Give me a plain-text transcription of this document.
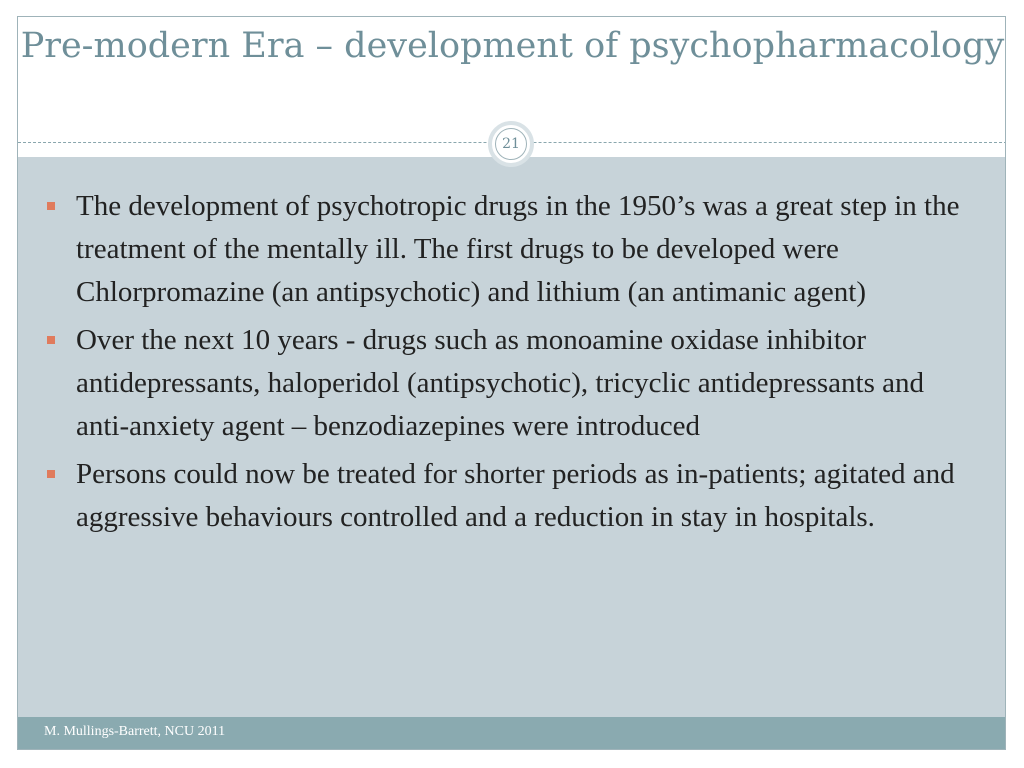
Pre-modern Era – development of psychopharmacology
The development of psychotropic drugs in the 1950’s was a great step in the treatment of the mentally ill. The first drugs to be developed were Chlorpromazine (an antipsychotic) and lithium (an antimanic agent)
Over the next 10 years - drugs such as monoamine oxidase inhibitor antidepressants, haloperidol (antipsychotic), tricyclic antidepressants and anti-anxiety agent – benzodiazepines were introduced
Persons could now be treated for shorter periods as in-patients; agitated and aggressive behaviours controlled and a reduction in stay in hospitals.
21
M. Mullings-Barrett, NCU 2011
